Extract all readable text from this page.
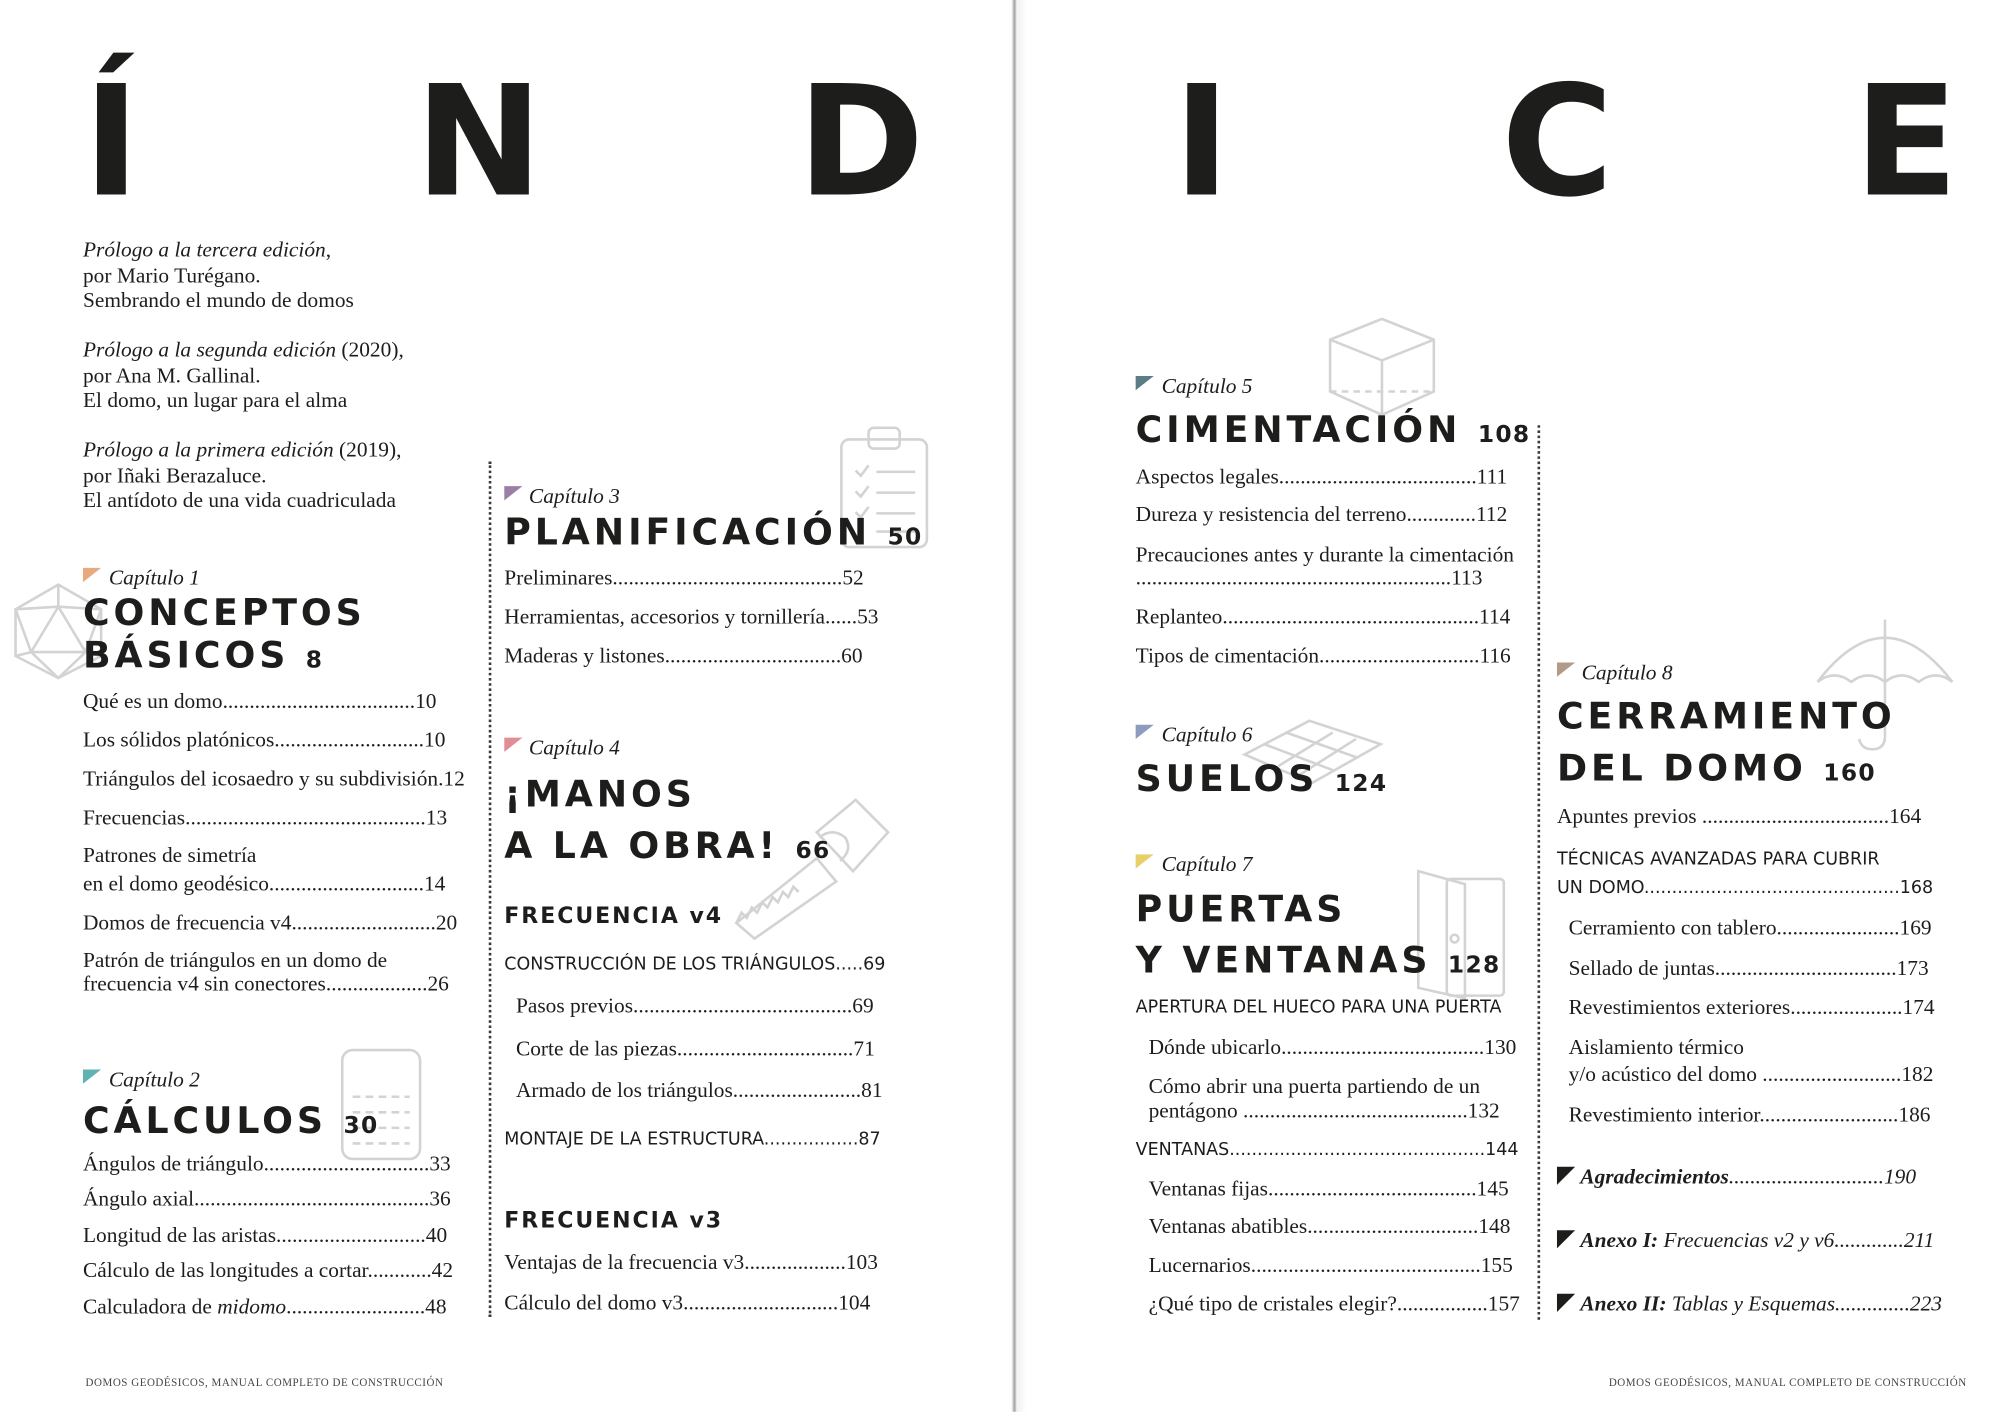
Í N D I C E
Prólogo a la tercera edición,
por Mario Turégano.
Sembrando el mundo de domos
Prólogo a la segunda edición (2020),
por Ana M. Gallinal.
El domo, un lugar para el alma
Prólogo a la primera edición (2019),
por Iñaki Berazaluce.
El antídoto de una vida cuadriculada
Capítulo 1
CONCEPTOS
BÁSICOS 8
Qué es un domo....................................10
Los sólidos platónicos............................10
Triángulos del icosaedro y su subdivisión.12
Frecuencias.............................................13
Patrones de simetría
en el domo geodésico.............................14
Domos de frecuencia v4...........................20
Patrón de triángulos en un domo de
frecuencia v4 sin conectores...................26
Capítulo 2
CÁLCULOS 30
Ángulos de triángulo...............................33
Ángulo axial............................................36
Longitud de las aristas............................40
Cálculo de las longitudes a cortar............42
Calculadora de midomo..........................48
Capítulo 3
PLANIFICACIÓN 50
Preliminares...........................................52
Herramientas, accesorios y tornillería......53
Maderas y listones.................................60
Capítulo 4
¡MANOS
A LA OBRA! 66
FRECUENCIA v4
CONSTRUCCIÓN DE LOS TRIÁNGULOS.....69
Pasos previos.........................................69
Corte de las piezas.................................71
Armado de los triángulos........................81
MONTAJE DE LA ESTRUCTURA.................87
FRECUENCIA v3
Ventajas de la frecuencia v3...................103
Cálculo del domo v3.............................104
Capítulo 5
CIMENTACIÓN 108
Aspectos legales.....................................111
Dureza y resistencia del terreno.............112
Precauciones antes y durante la cimentación
...........................................................113
Replanteo................................................114
Tipos de cimentación..............................116
Capítulo 6
SUELOS 124
Capítulo 7
PUERTAS
Y VENTANAS 128
APERTURA DEL HUECO PARA UNA PUERTA
Dónde ubicarlo......................................130
Cómo abrir una puerta partiendo de un
pentágono ..........................................132
VENTANAS..............................................144
Ventanas fijas.......................................145
Ventanas abatibles................................148
Lucernarios...........................................155
¿Qué tipo de cristales elegir?.................157
Capítulo 8
CERRAMIENTO
DEL DOMO 160
Apuntes previos ...................................164
TÉCNICAS AVANZADAS PARA CUBRIR
UN DOMO..............................................168
Cerramiento con tablero.......................169
Sellado de juntas..................................173
Revestimientos exteriores.....................174
Aislamiento térmico
y/o acústico del domo ..........................182
Revestimiento interior..........................186
Agradecimientos.............................190
Anexo I: Frecuencias v2 y v6.............211
Anexo II: Tablas y Esquemas..............223
DOMOS GEODÉSICOS, MANUAL COMPLETO DE CONSTRUCCIÓN	DOMOS GEODÉSICOS, MANUAL COMPLETO DE CONSTRUCCIÓN
